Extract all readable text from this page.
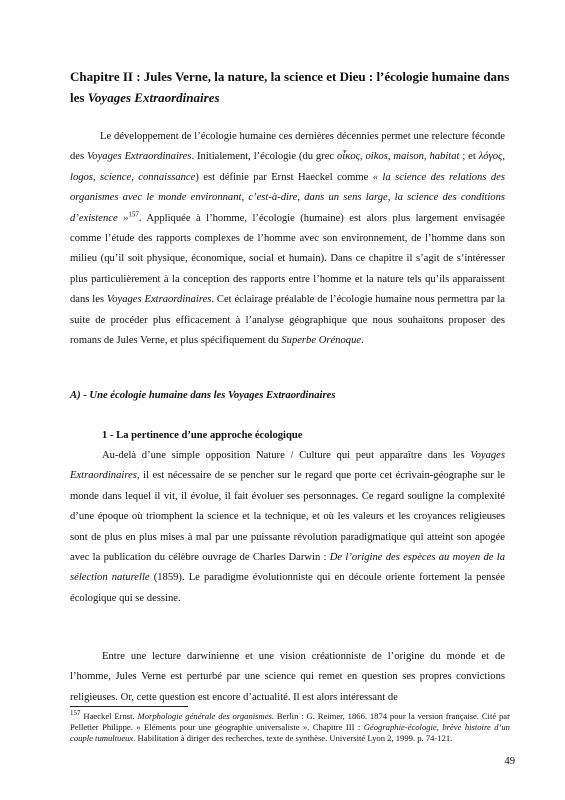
Chapitre II : Jules Verne, la nature, la science et Dieu : l’écologie humaine dans les Voyages Extraordinaires

Le développement de l’écologie humaine ces dernières décennies permet une relecture féconde des Voyages Extraordinaires. Initialement, l’écologie (du grec οἶκος, oikos, maison, habitat ; et λόγος, logos, science, connaissance) est définie par Ernst Haeckel comme « la science des relations des organismes avec le monde environnant, c’est-à-dire, dans un sens large, la science des conditions d’existence »$^{157}$. Appliquée à l’homme, l’écologie (humaine) est alors plus largement envisagée comme l’étude des rapports complexes de l’homme avec son environnement, de l’homme dans son milieu (qu’il soit physique, économique, social et humain). Dans ce chapitre il s’agit de s’intéresser plus particulièrement à la conception des rapports entre l’homme et la nature tels qu’ils apparaissent dans les Voyages Extraordinaires. Cet éclairage préalable de l’écologie humaine nous permettra par la suite de procéder plus efficacement à l’analyse géographique que nous souhaitons proposer des romans de Jules Verne, et plus spécifiquement du Superbe Orénoque.

A) - Une écologie humaine dans les Voyages Extraordinaires
1 - La pertinence d’une approche écologique

Au-delà d’une simple opposition Nature / Culture qui peut apparaître dans les Voyages Extraordinaires, il est nécessaire de se pencher sur le regard que porte cet écrivain-géographe sur le monde dans lequel il vit, il évolue, il fait évoluer ses personnages. Ce regard souligne la complexité d’une époque où triomphent la science et la technique, et où les valeurs et les croyances religieuses sont de plus en plus mises à mal par une puissante révolution paradigmatique qui atteint son apogée avec la publication du célèbre ouvrage de Charles Darwin : De l’origine des espèces au moyen de la sélection naturelle (1859). Le paradigme évolutionniste qui en découle oriente fortement la pensée écologique qui se dessine.

Entre une lecture darwinienne et une vision créationniste de l’origine du monde et de l’homme, Jules Verne est perturbé par une science qui remet en question ses propres convictions religieuses. Or, cette question est encore d’actualité. Il est alors intéressant de

$^{157}$ Haeckel Ernst. Morphologie générale des organismes. Berlin : G. Reimer, 1866. 1874 pour la version française. Cité par Pelletier Philippe. « Eléments pour une géographie universaliste ». Chapitre III : Géographie-écologie, brève histoire d’un couple tumultueux. Habilitation à diriger des recherches, texte de synthèse. Université Lyon 2, 1999. p. 74-121.

49
